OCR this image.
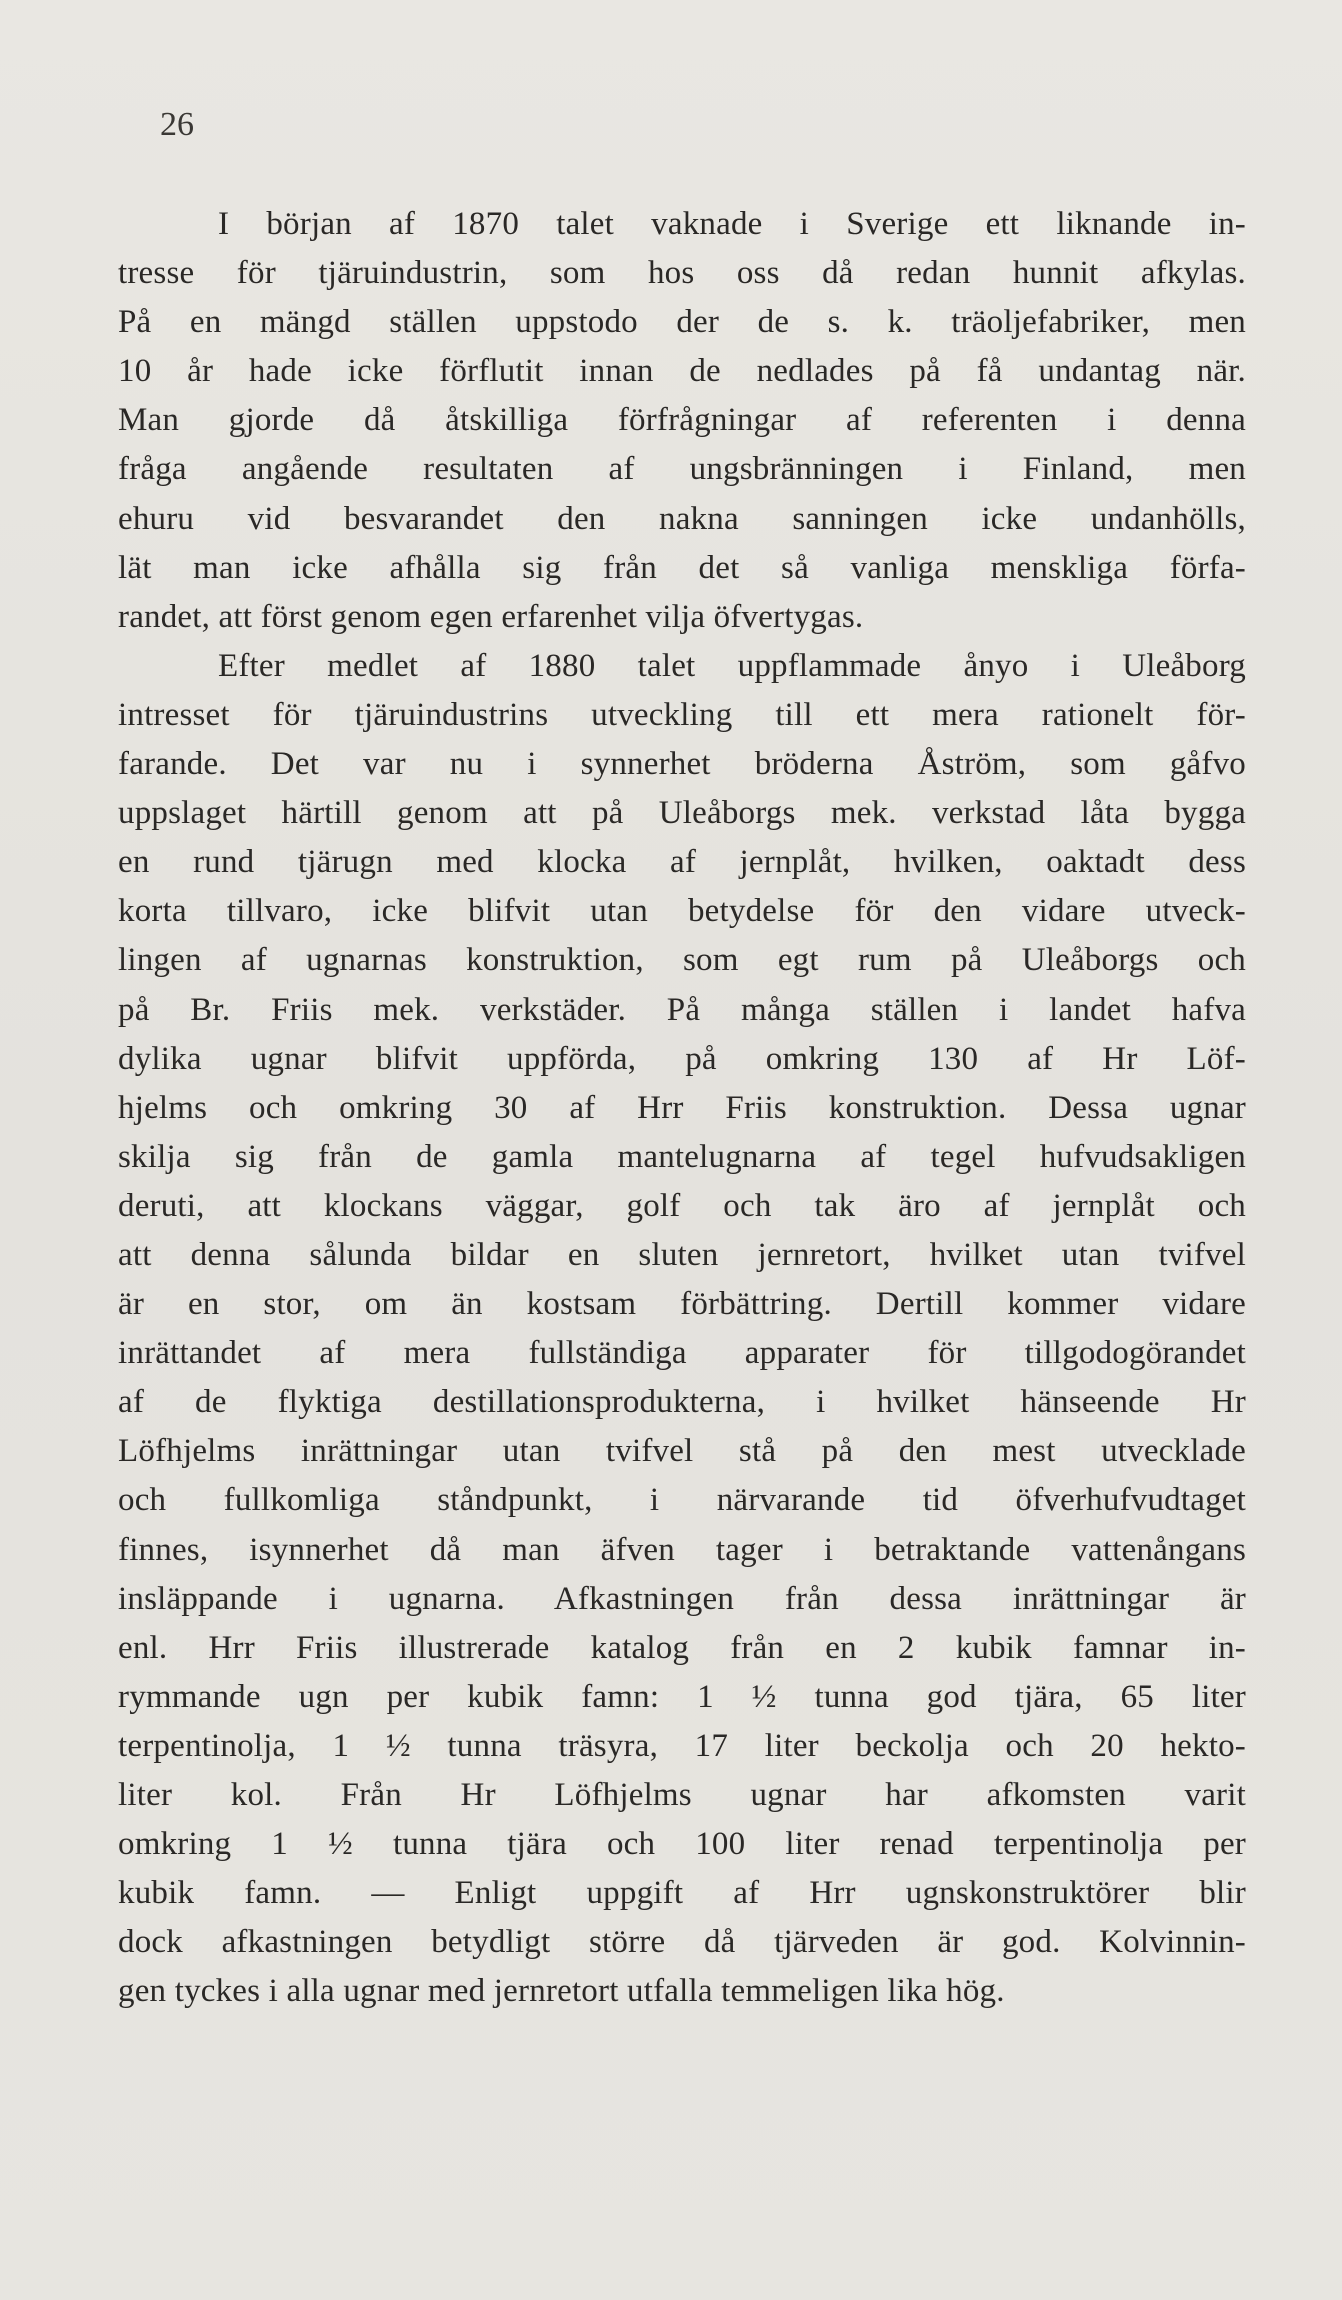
26
I början af 1870 talet vaknade i Sverige ett liknande in-
tresse för tjäruindustrin, som hos oss då redan hunnit afkylas.
På en mängd ställen uppstodo der de s. k. träoljefabriker, men
10 år hade icke förflutit innan de nedlades på få undantag när.
Man gjorde då åtskilliga förfrågningar af referenten i denna
fråga angående resultaten af ungsbränningen i Finland, men
ehuru vid besvarandet den nakna sanningen icke undanhölls,
lät man icke afhålla sig från det så vanliga menskliga förfa-
randet, att först genom egen erfarenhet vilja öfvertygas.
Efter medlet af 1880 talet uppflammade ånyo i Uleåborg
intresset för tjäruindustrins utveckling till ett mera rationelt för-
farande. Det var nu i synnerhet bröderna Åström, som gåfvo
uppslaget härtill genom att på Uleåborgs mek. verkstad låta bygga
en rund tjärugn med klocka af jernplåt, hvilken, oaktadt dess
korta tillvaro, icke blifvit utan betydelse för den vidare utveck-
lingen af ugnarnas konstruktion, som egt rum på Uleåborgs och
på Br. Friis mek. verkstäder. På många ställen i landet hafva
dylika ugnar blifvit uppförda, på omkring 130 af Hr Löf-
hjelms och omkring 30 af Hrr Friis konstruktion. Dessa ugnar
skilja sig från de gamla mantelugnarna af tegel hufvudsakligen
deruti, att klockans väggar, golf och tak äro af jernplåt och
att denna sålunda bildar en sluten jernretort, hvilket utan tvifvel
är en stor, om än kostsam förbättring. Dertill kommer vidare
inrättandet af mera fullständiga apparater för tillgodogörandet
af de flyktiga destillationsprodukterna, i hvilket hänseende Hr
Löfhjelms inrättningar utan tvifvel stå på den mest utvecklade
och fullkomliga ståndpunkt, i närvarande tid öfverhufvudtaget
finnes, isynnerhet då man äfven tager i betraktande vattenångans
insläppande i ugnarna. Afkastningen från dessa inrättningar är
enl. Hrr Friis illustrerade katalog från en 2 kubik famnar in-
rymmande ugn per kubik famn: 1 ½ tunna god tjära, 65 liter
terpentinolja, 1 ½ tunna träsyra, 17 liter beckolja och 20 hekto-
liter kol. Från Hr Löfhjelms ugnar har afkomsten varit
omkring 1 ½ tunna tjära och 100 liter renad terpentinolja per
kubik famn. — Enligt uppgift af Hrr ugnskonstruktörer blir
dock afkastningen betydligt större då tjärveden är god. Kolvinnin-
gen tyckes i alla ugnar med jernretort utfalla temmeligen lika hög.
